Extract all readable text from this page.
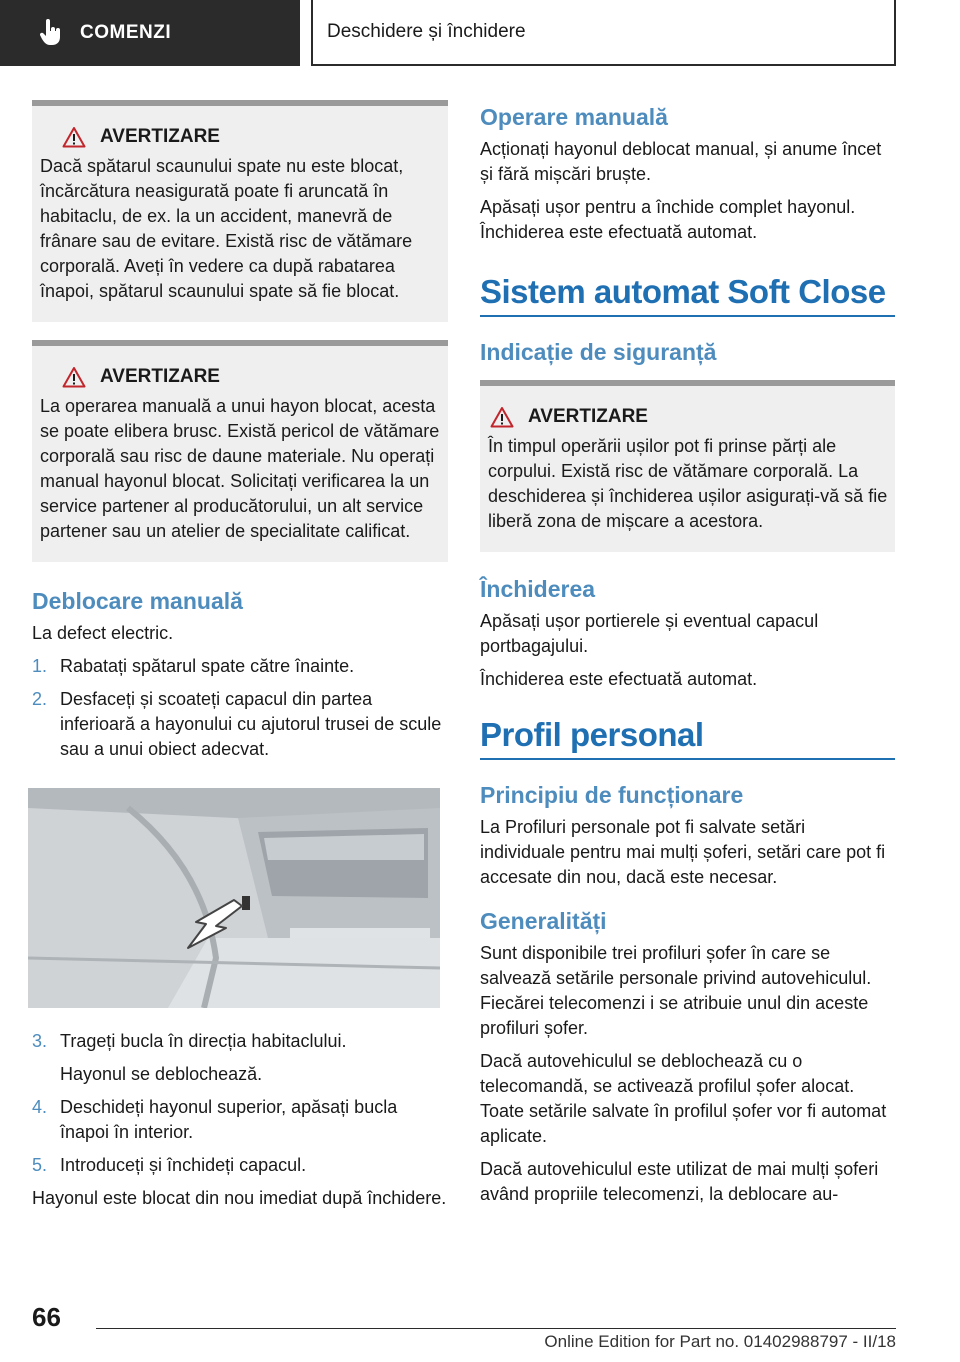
COMENZI	Deschidere și închidere
AVERTIZARE

Dacă spătarul scaunului spate nu este blocat, încărcătura neasigurată poate fi aruncată în habitaclu, de ex. la un accident, manevră de frânare sau de evitare. Există risc de vătămare corporală. Aveți în vedere ca după rabatarea înapoi, spătarul scaunului spate să fie blocat.

AVERTIZARE

La operarea manuală a unui hayon blocat, acesta se poate elibera brusc. Există pericol de vătămare corporală sau risc de daune materiale. Nu operați manual hayonul blocat. Solicitați verificarea la un service partener al producătorului, un alt service partener sau un atelier de specialitate calificat.

Deblocare manuală

La defect electric.

1. Rabatați spătarul spate către înainte.
2. Desfaceți și scoateți capacul din partea inferioară a hayonului cu ajutorul trusei de scule sau a unui obiect adecvat.
3. Trageți bucla în direcția habitaclului.

Hayonul se deblochează.

4. Deschideți hayonul superior, apăsați bucla înapoi în interior.
5. Introduceți și închideți capacul.

Hayonul este blocat din nou imediat după închidere.

Operare manuală

Acționați hayonul deblocat manual, și anume încet și fără mișcări bruște.

Apăsați ușor pentru a închide complet hayonul. Închiderea este efectuată automat.

Sistem automat Soft Close
Indicație de siguranță
AVERTIZARE

În timpul operării ușilor pot fi prinse părți ale corpului. Există risc de vătămare corporală. La deschiderea și închiderea ușilor asigurați-vă să fie liberă zona de mișcare a acestora.

Închiderea

Apăsați ușor portierele și eventual capacul portbagajului.

Închiderea este efectuată automat.

Profil personal
Principiu de funcționare

La Profiluri personale pot fi salvate setări individuale pentru mai mulți șoferi, setări care pot fi accesate din nou, dacă este necesar.

Generalități

Sunt disponibile trei profiluri șofer în care se salvează setările personale privind autovehiculul. Fiecărei telecomenzi i se atribuie unul din aceste profiluri șofer.

Dacă autovehiculul se deblochează cu o telecomandă, se activează profilul șofer alocat. Toate setările salvate în profilul șofer vor fi automat aplicate.

Dacă autovehiculul este utilizat de mai mulți șoferi având propriile telecomenzi, la deblocare au-

66
Online Edition for Part no. 01402988797 - II/18
